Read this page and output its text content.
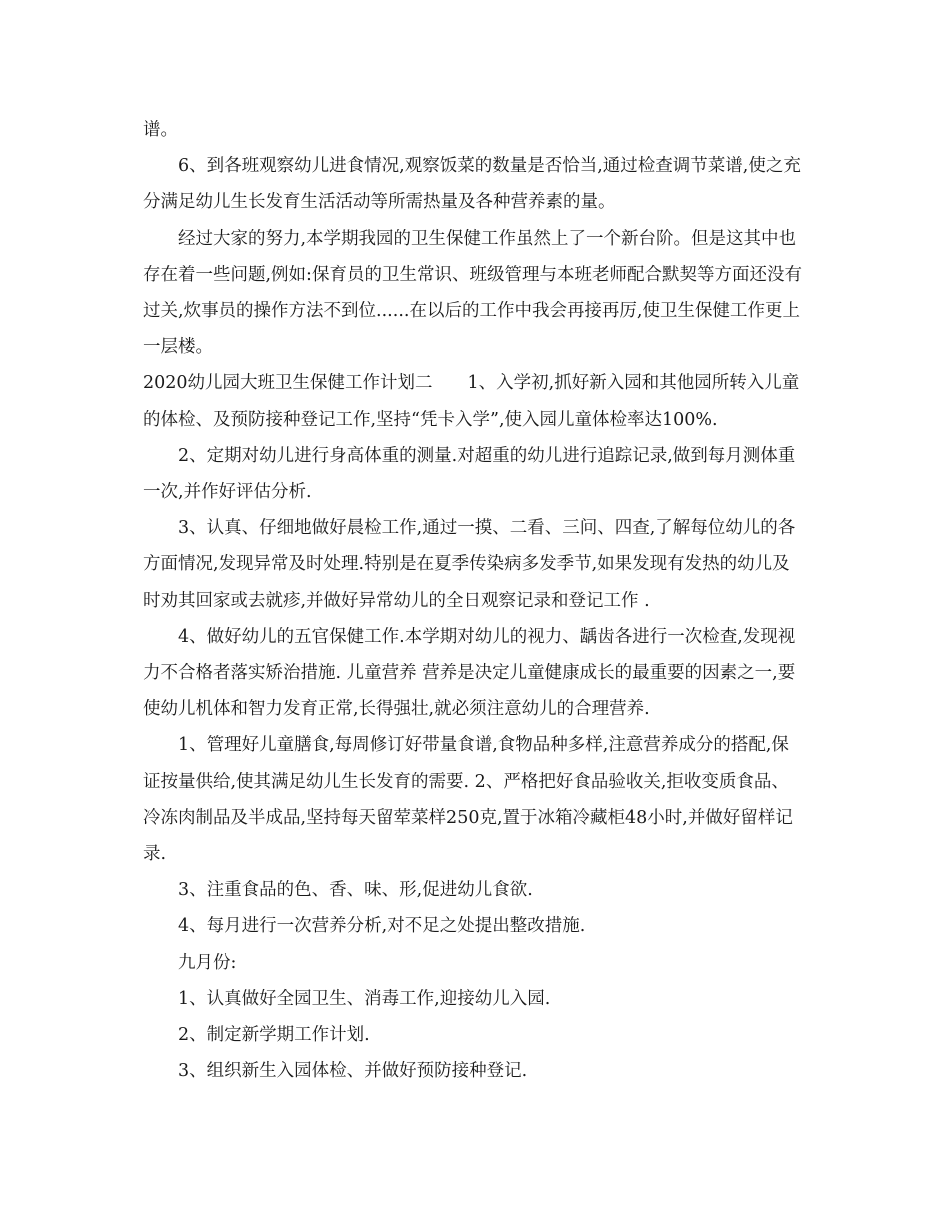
谱。

6、到各班观察幼儿进食情况,观察饭菜的数量是否恰当,通过检查调节菜谱,使之充分满足幼儿生长发育生活活动等所需热量及各种营养素的量。

经过大家的努力,本学期我园的卫生保健工作虽然上了一个新台阶。但是这其中也存在着一些问题,例如:保育员的卫生常识、班级管理与本班老师配合默契等方面还没有过关,炊事员的操作方法不到位......在以后的工作中我会再接再厉,使卫生保健工作更上一层楼。

2020幼儿园大班卫生保健工作计划二　　1、入学初,抓好新入园和其他园所转入儿童的体检、及预防接种登记工作,坚持“凭卡入学”,使入园儿童体检率达100%.

2、定期对幼儿进行身高体重的测量.对超重的幼儿进行追踪记录,做到每月测体重一次,并作好评估分析.

3、认真、仔细地做好晨检工作,通过一摸、二看、三问、四查,了解每位幼儿的各方面情况,发现异常及时处理.特别是在夏季传染病多发季节,如果发现有发热的幼儿及时劝其回家或去就疹,并做好异常幼儿的全日观察记录和登记工作 .

4、做好幼儿的五官保健工作.本学期对幼儿的视力、龋齿各进行一次检查,发现视力不合格者落实矫治措施. 儿童营养 营养是决定儿童健康成长的最重要的因素之一,要使幼儿机体和智力发育正常,长得强壮,就必须注意幼儿的合理营养.

1、管理好儿童膳食,每周修订好带量食谱,食物品种多样,注意营养成分的搭配,保证按量供给,使其满足幼儿生长发育的需要. 2、严格把好食品验收关,拒收变质食品、冷冻肉制品及半成品,坚持每天留荤菜样250克,置于冰箱冷藏柜48小时,并做好留样记录.

3、注重食品的色、香、味、形,促进幼儿食欲.

4、每月进行一次营养分析,对不足之处提出整改措施.

九月份:

1、认真做好全园卫生、消毒工作,迎接幼儿入园.

2、制定新学期工作计划.

3、组织新生入园体检、并做好预防接种登记.
